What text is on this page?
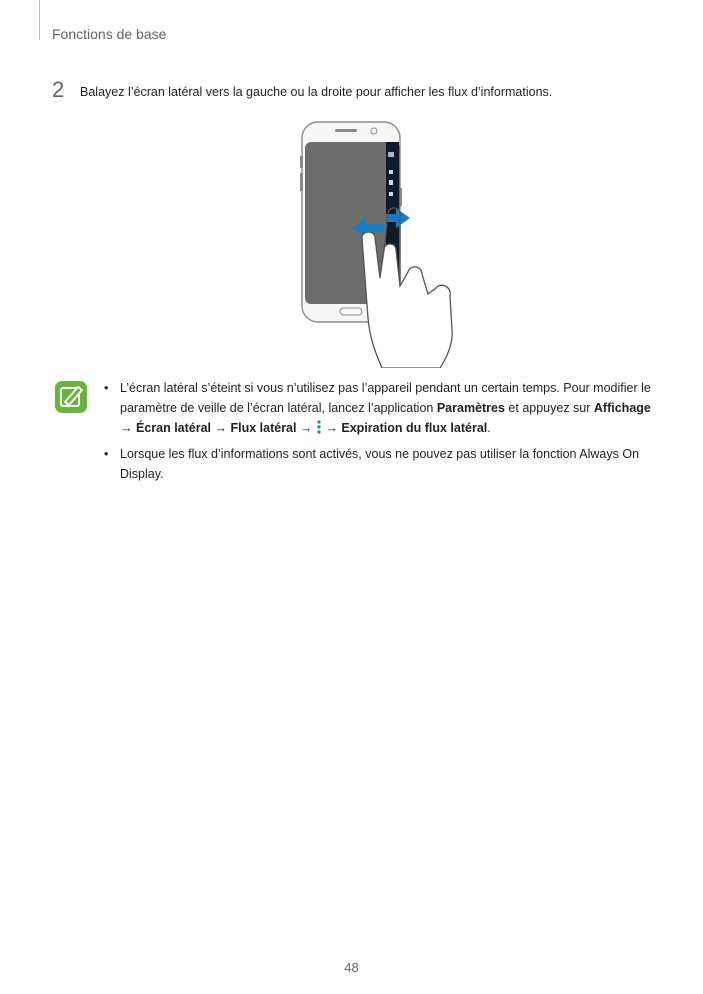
Fonctions de base
2 Balayez l’écran latéral vers la gauche ou la droite pour afficher les flux d’informations.
• L’écran latéral s’éteint si vous n’utilisez pas l’appareil pendant un certain temps. Pour modifier le paramètre de veille de l’écran latéral, lancez l’application Paramètres et appuyez sur Affichage → Écran latéral → Flux latéral →  → Expiration du flux latéral.
• Lorsque les flux d’informations sont activés, vous ne pouvez pas utiliser la fonction Always On Display.
48
